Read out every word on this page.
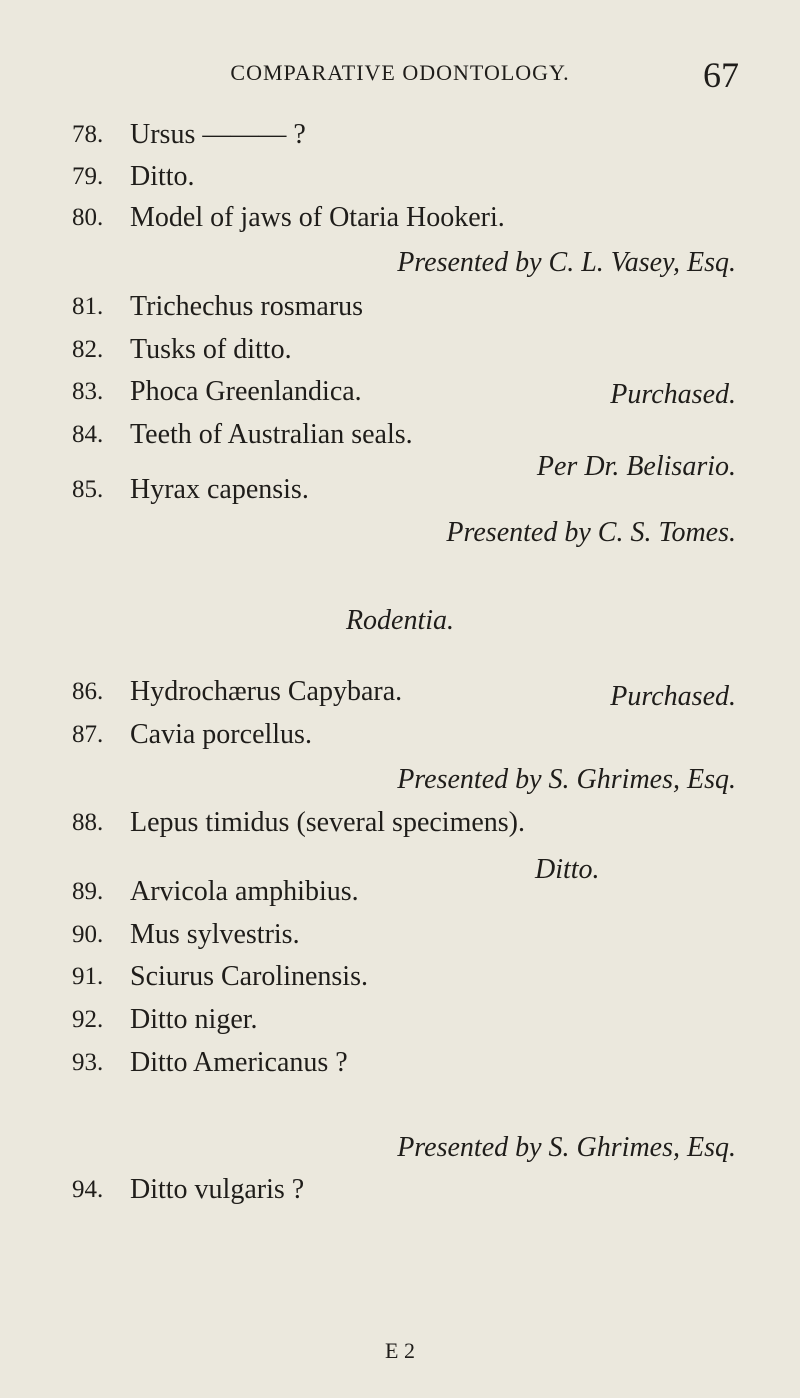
COMPARATIVE ODONTOLOGY.	67
78. Ursus ——— ?
79. Ditto.
80. Model of jaws of Otaria Hookeri.
Presented by C. L. Vasey, Esq.
81. Trichechus rosmarus
82. Tusks of ditto.
83. Phoca Greenlandica.	Purchased.
84. Teeth of Australian seals.
Per Dr. Belisario.
85. Hyrax capensis.
Presented by C. S. Tomes.
Rodentia.
86. Hydrochærus Capybara.	Purchased.
87. Cavia porcellus.
Presented by S. Ghrimes, Esq.
88. Lepus timidus (several specimens).
Ditto.
89. Arvicola amphibius.
90. Mus sylvestris.
91. Sciurus Carolinensis.
92. Ditto niger.
93. Ditto Americanus ?
Presented by S. Ghrimes, Esq.
94. Ditto vulgaris ?
E 2
